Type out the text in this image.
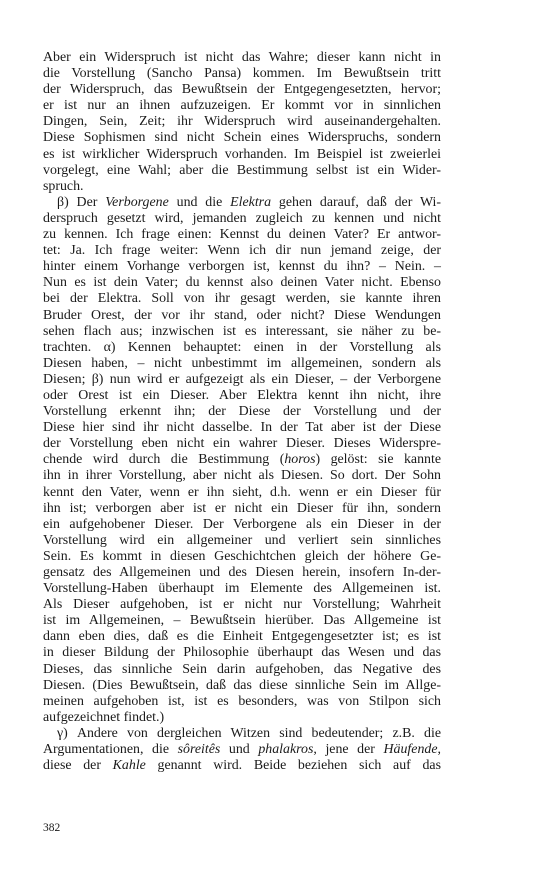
Aber ein Widerspruch ist nicht das Wahre; dieser kann nicht in
die Vorstellung (Sancho Pansa) kommen. Im Bewußtsein tritt
der Widerspruch, das Bewußtsein der Entgegengesetzten, hervor;
er ist nur an ihnen aufzuzeigen. Er kommt vor in sinnlichen
Dingen, Sein, Zeit; ihr Widerspruch wird auseinandergehalten.
Diese Sophismen sind nicht Schein eines Widerspruchs, sondern
es ist wirklicher Widerspruch vorhanden. Im Beispiel ist zweierlei
vorgelegt, eine Wahl; aber die Bestimmung selbst ist ein Wider-
spruch.
β) Der Verborgene und die Elektra gehen darauf, daß der Wi-
derspruch gesetzt wird, jemanden zugleich zu kennen und nicht
zu kennen. Ich frage einen: Kennst du deinen Vater? Er antwor-
tet: Ja. Ich frage weiter: Wenn ich dir nun jemand zeige, der
hinter einem Vorhange verborgen ist, kennst du ihn? – Nein. –
Nun es ist dein Vater; du kennst also deinen Vater nicht. Ebenso
bei der Elektra. Soll von ihr gesagt werden, sie kannte ihren
Bruder Orest, der vor ihr stand, oder nicht? Diese Wendungen
sehen flach aus; inzwischen ist es interessant, sie näher zu be-
trachten. α) Kennen behauptet: einen in der Vorstellung als
Diesen haben, – nicht unbestimmt im allgemeinen, sondern als
Diesen; β) nun wird er aufgezeigt als ein Dieser, – der Verborgene
oder Orest ist ein Dieser. Aber Elektra kennt ihn nicht, ihre
Vorstellung erkennt ihn; der Diese der Vorstellung und der
Diese hier sind ihr nicht dasselbe. In der Tat aber ist der Diese
der Vorstellung eben nicht ein wahrer Dieser. Dieses Widerspre-
chende wird durch die Bestimmung (horos) gelöst: sie kannte
ihn in ihrer Vorstellung, aber nicht als Diesen. So dort. Der Sohn
kennt den Vater, wenn er ihn sieht, d.h. wenn er ein Dieser für
ihn ist; verborgen aber ist er nicht ein Dieser für ihn, sondern
ein aufgehobener Dieser. Der Verborgene als ein Dieser in der
Vorstellung wird ein allgemeiner und verliert sein sinnliches
Sein. Es kommt in diesen Geschichtchen gleich der höhere Ge-
gensatz des Allgemeinen und des Diesen herein, insofern In-der-
Vorstellung-Haben überhaupt im Elemente des Allgemeinen ist.
Als Dieser aufgehoben, ist er nicht nur Vorstellung; Wahrheit
ist im Allgemeinen, – Bewußtsein hierüber. Das Allgemeine ist
dann eben dies, daß es die Einheit Entgegengesetzter ist; es ist
in dieser Bildung der Philosophie überhaupt das Wesen und das
Dieses, das sinnliche Sein darin aufgehoben, das Negative des
Diesen. (Dies Bewußtsein, daß das diese sinnliche Sein im Allge-
meinen aufgehoben ist, ist es besonders, was von Stilpon sich
aufgezeichnet findet.)
γ) Andere von dergleichen Witzen sind bedeutender; z.B. die
Argumentationen, die sôreitês und phalakros, jene der Häufende,
diese der Kahle genannt wird. Beide beziehen sich auf das
382
